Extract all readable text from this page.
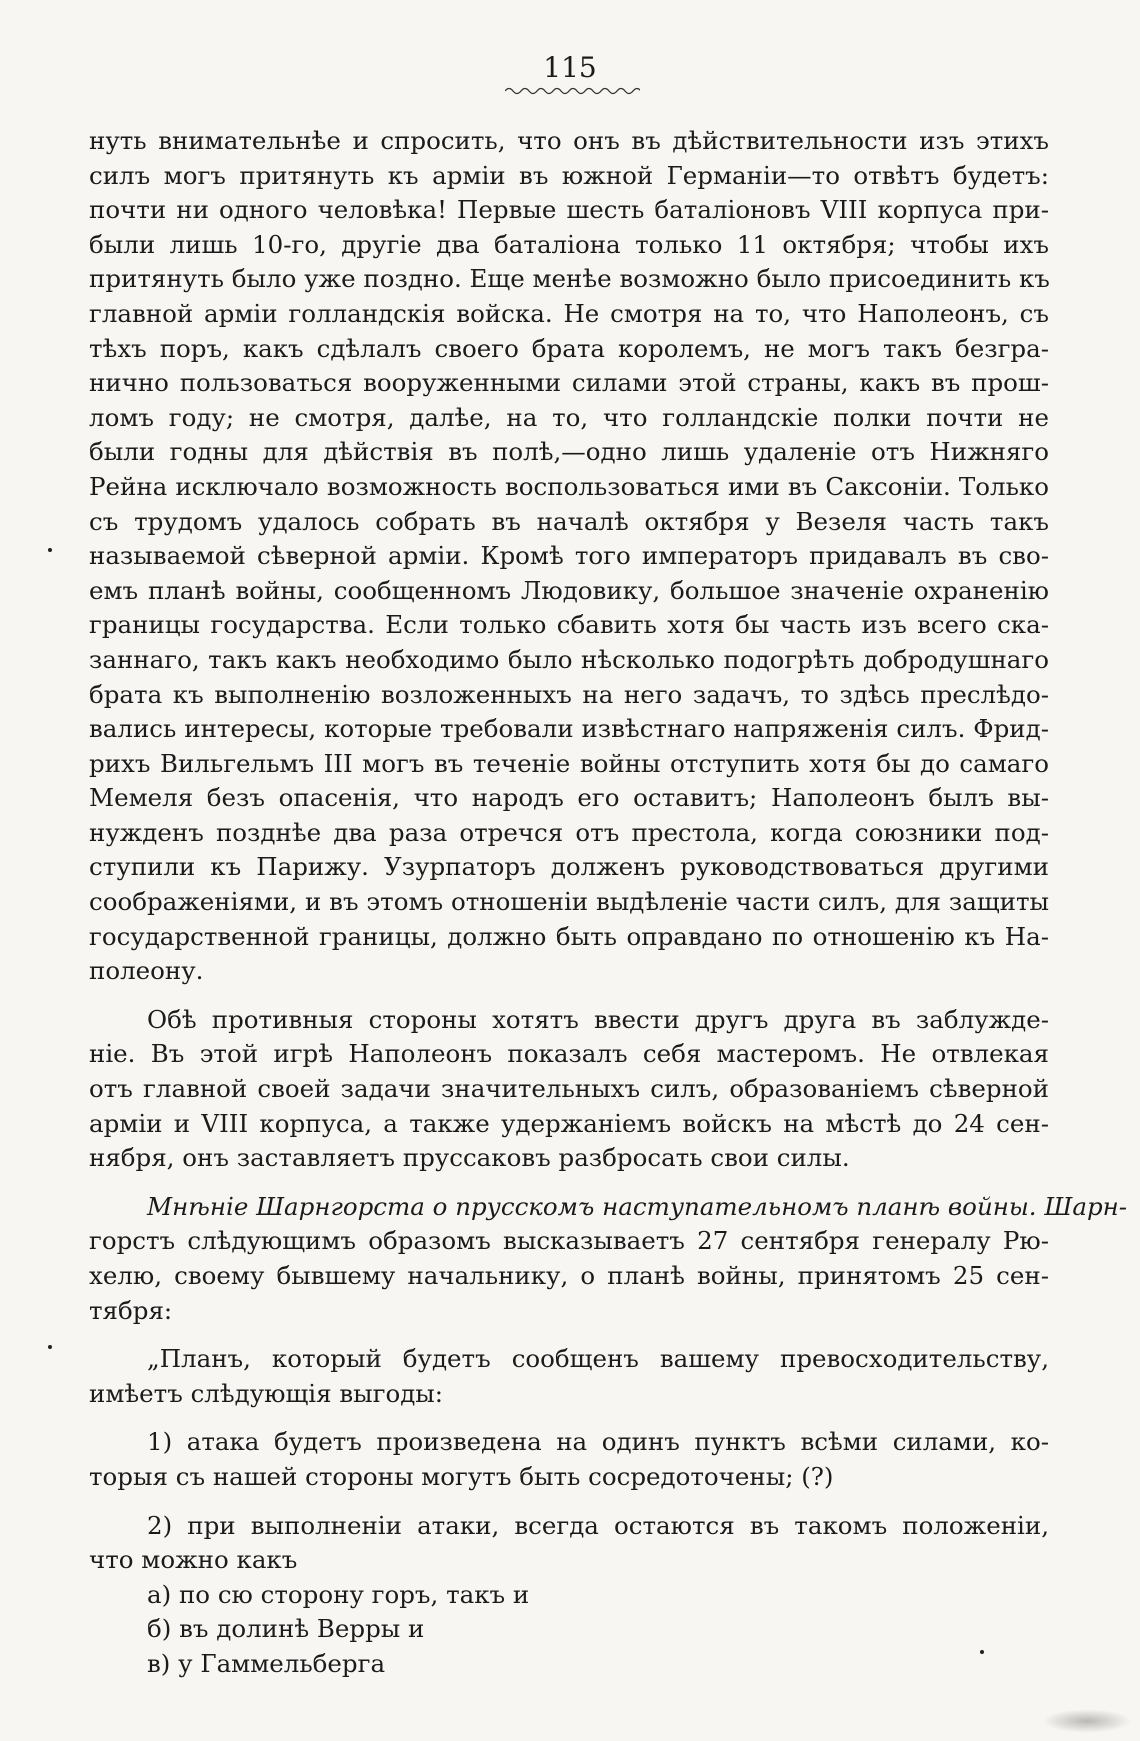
115
нуть внимательнѣе и спросить, что онъ въ дѣйствительности изъ этихъ
силъ могъ притянуть къ арміи въ южной Германіи—то отвѣтъ будетъ:
почти ни одного человѣка! Первые шесть баталіоновъ VIII корпуса при-
были лишь 10-го, другіе два баталіона только 11 октября; чтобы ихъ
притянуть было уже поздно. Еще менѣе возможно было присоединить къ
главной арміи голландскія войска. Не смотря на то, что Наполеонъ, съ
тѣхъ поръ, какъ сдѣлалъ своего брата королемъ, не могъ такъ безгра-
нично пользоваться вооруженными силами этой страны, какъ въ прош-
ломъ году; не смотря, далѣе, на то, что голландскіе полки почти не
были годны для дѣйствія въ полѣ,—одно лишь удаленіе отъ Нижняго
Рейна исключало возможность воспользоваться ими въ Саксоніи. Только
съ трудомъ удалось собрать въ началѣ октября у Везеля часть такъ
называемой сѣверной арміи. Кромѣ того императоръ придавалъ въ сво-
емъ планѣ войны, сообщенномъ Людовику, большое значеніе охраненію
границы государства. Если только сбавить хотя бы часть изъ всего ска-
заннаго, такъ какъ необходимо было нѣсколько подогрѣть добродушнаго
брата къ выполненію возложенныхъ на него задачъ, то здѣсь преслѣдо-
вались интересы, которые требовали извѣстнаго напряженія силъ. Фрид-
рихъ Вильгельмъ III могъ въ теченіе войны отступить хотя бы до самаго
Мемеля безъ опасенія, что народъ его оставитъ; Наполеонъ былъ вы-
нужденъ позднѣе два раза отречся отъ престола, когда союзники под-
ступили къ Парижу. Узурпаторъ долженъ руководствоваться другими
соображеніями, и въ этомъ отношеніи выдѣленіе части силъ, для защиты
государственной границы, должно быть оправдано по отношенію къ На-
полеону.
Обѣ противныя стороны хотятъ ввести другъ друга въ заблужде-
ніе. Въ этой игрѣ Наполеонъ показалъ себя мастеромъ. Не отвлекая
отъ главной своей задачи значительныхъ силъ, образованіемъ сѣверной
арміи и VIII корпуса, а также удержаніемъ войскъ на мѣстѣ до 24 сен-
нября, онъ заставляетъ пруссаковъ разбросать свои силы.
Мнѣніе Шарнгорста о прусскомъ наступательномъ планѣ войны. Шарн-
горстъ слѣдующимъ образомъ высказываетъ 27 сентября генералу Рю-
хелю, своему бывшему начальнику, о планѣ войны, принятомъ 25 сен-
тября:
„Планъ, который будетъ сообщенъ вашему превосходительству,
имѣетъ слѣдующія выгоды:
1) атака будетъ произведена на одинъ пунктъ всѣми силами, ко-
торыя съ нашей стороны могутъ быть сосредоточены; (?)
2) при выполненіи атаки, всегда остаются въ такомъ положеніи,
что можно какъ
а) по сю сторону горъ, такъ и
б) въ долинѣ Верры и
в) у Гаммельберга
